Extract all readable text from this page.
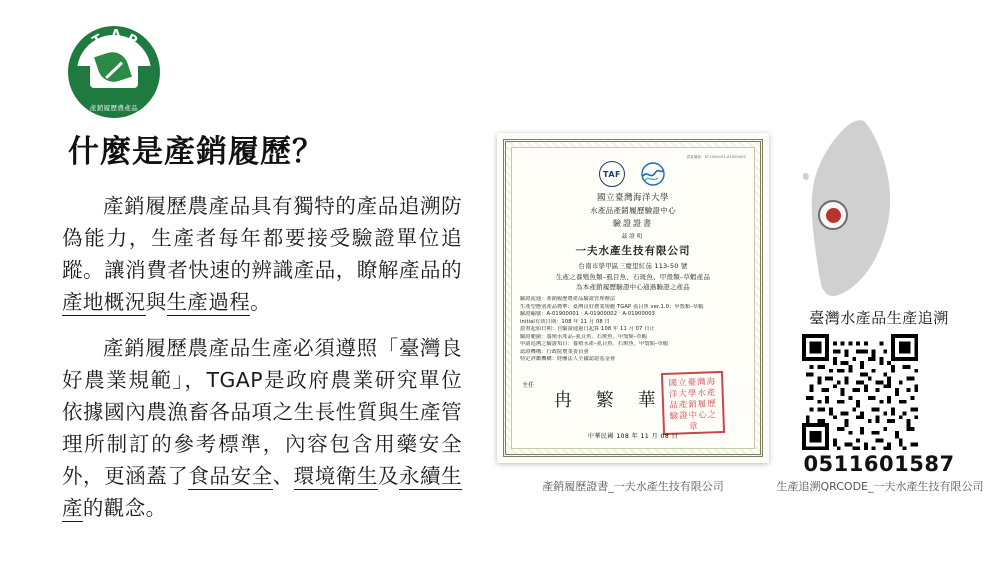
T A P
產銷履歷農產品
什麼是產銷履歷？

產銷履歷農產品具有獨特的產品追溯防偽能力，生產者每年都要接受驗證單位追蹤。讓消費者快速的辨識產品，瞭解產品的產地概況與生產過程。

產銷履歷農產品生產必須遵照「臺灣良好農業規範」，TGAP是政府農業研究單位依據國內農漁畜各品項之生長性質與生產管理所制訂的參考標準，內容包含用藥安全外，更涵蓋了食品安全、環境衛生及永續生產的觀念。

證書編號：AT1900001-A1900002
TAF
國立臺灣海洋大學
水產品產銷履歷驗證中心
驗證證書
茲證明
一夫水產生技有限公司
台南市學甲區三慶里紅茄 113-50 號
生產之養殖魚類–虱目魚、石斑魚、甲殼類–草蝦產品
為本產銷履歷驗證中心通過驗證之產品
驗證流通：產銷履歷農產品驗證管理辦法
生產型態別產品標準：臺灣良好農業規範 TGAP 虱目魚 ver.1.0；甲殼類–草蝦
驗證編號：A-01900001 ‧ A-01900002 ‧ A-01900003
initial有效日期：108 年 11 月 08 日
證書起始日期：自驗證通過日起算 108 年 11 月 07 日止
驗證範圍：養殖水產品–虱目魚、石斑魚、甲殼類–草蝦
申請追溯之驗證項目：養殖水產–虱目魚、石斑魚、甲殼類–草蝦
認證機構：行政院農業委員會
特定評鑑機構：財團法人全國認證基金會
主任
冉 繁 華
國立臺灣海洋大學水產品產銷履歷驗證中心之章
中華民國 108 年 11 月 08 日
產銷履歷證書_一夫水產生技有限公司
臺灣水產品生產追溯
0511601587
生產追溯QRCODE_一夫水產生技有限公司
